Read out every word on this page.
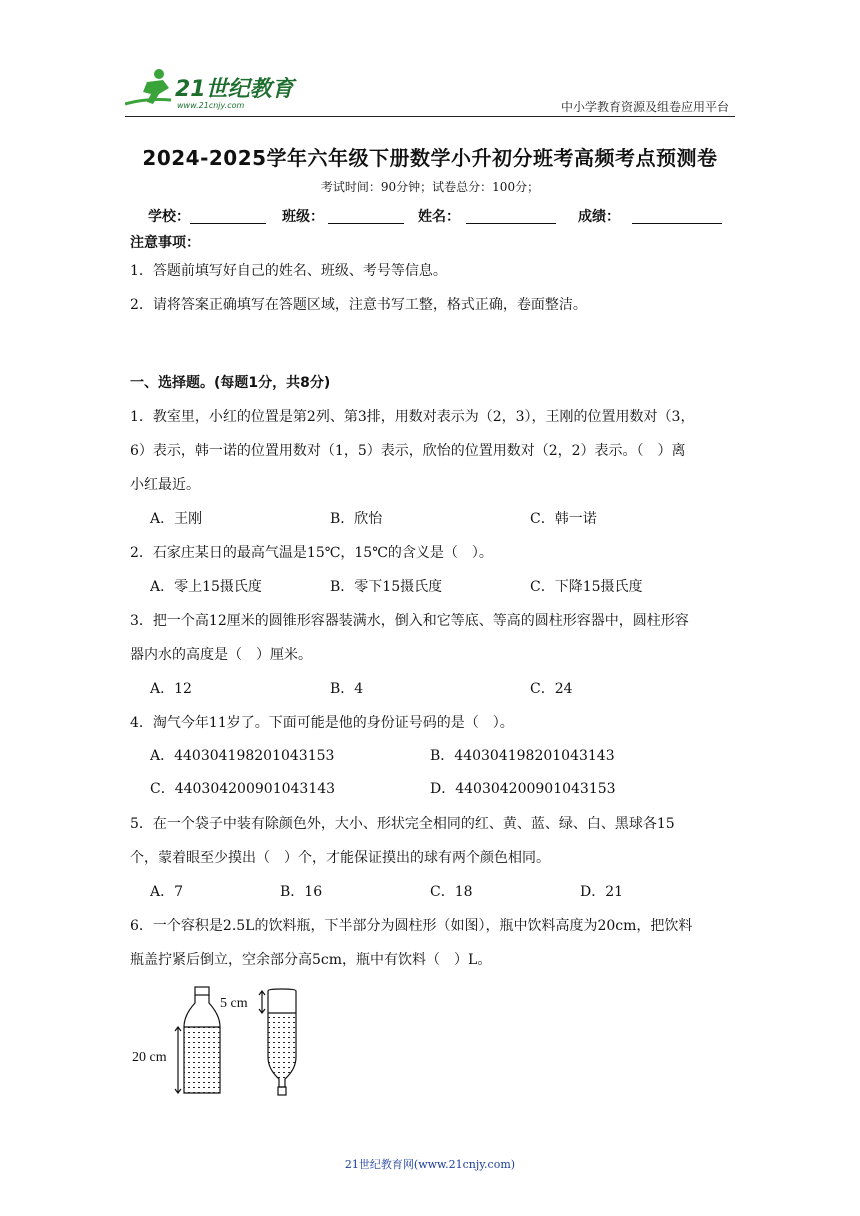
21世纪教育
www.21cnjy.com	中小学教育资源及组卷应用平台
2024-2025学年六年级下册数学小升初分班考高频考点预测卷
考试时间：90分钟；试卷总分：100分；
学校：	班级：	姓名：	成绩：
注意事项：
1．答题前填写好自己的姓名、班级、考号等信息。
2．请将答案正确填写在答题区域，注意书写工整，格式正确，卷面整洁。
一、选择题。(每题1分，共8分)
1．教室里，小红的位置是第2列、第3排，用数对表示为（2，3），王刚的位置用数对（3，
6）表示，韩一诺的位置用数对（1，5）表示，欣怡的位置用数对（2，2）表示。（　）离
小红最近。
A．王刚	B．欣怡	C．韩一诺
2．石家庄某日的最高气温是15℃，15℃的含义是（　）。
A．零上15摄氏度	B．零下15摄氏度	C．下降15摄氏度
3．把一个高12厘米的圆锥形容器装满水，倒入和它等底、等高的圆柱形容器中，圆柱形容
器内水的高度是（　）厘米。
A．12	B．4	C．24
4．淘气今年11岁了。下面可能是他的身份证号码的是（　）。
A．440304198201043153	B．440304198201043143
C．440304200901043143	D．440304200901043153
5．在一个袋子中装有除颜色外，大小、形状完全相同的红、黄、蓝、绿、白、黑球各15
个，蒙着眼至少摸出（　）个，才能保证摸出的球有两个颜色相同。
A．7	B．16	C．18	D．21
6．一个容积是2.5L的饮料瓶，下半部分为圆柱形（如图），瓶中饮料高度为20cm，把饮料
瓶盖拧紧后倒立，空余部分高5cm，瓶中有饮料（　）L。
20 cm
5 cm
21世纪教育网(www.21cnjy.com)
